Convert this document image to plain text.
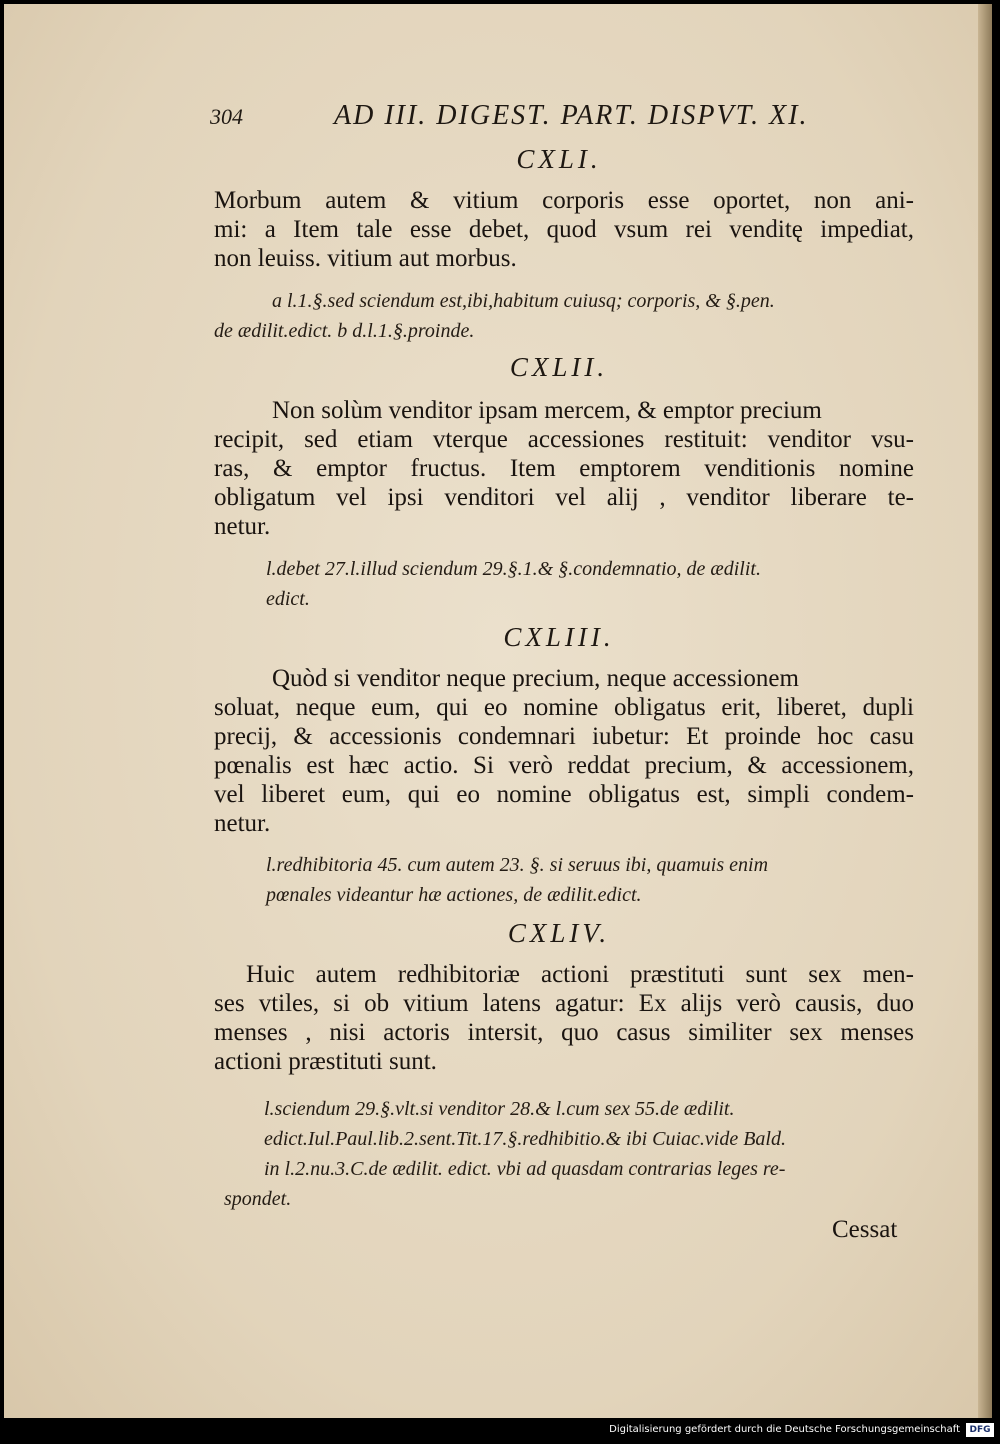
304	AD III. DIGEST. PART. DISPVT. XI.
CXLI.
Morbum autem & vitium corporis esse oportet, non ani-
mi: a Item tale esse debet, quod vsum rei venditę impediat,
non leuiss. vitium aut morbus.
a l.1.§.sed sciendum est,ibi,habitum cuiusq; corporis, & §.pen.
de ædilit.edict. b d.l.1.§.proinde.
CXLII.
Non solùm venditor ipsam mercem, & emptor precium
recipit, sed etiam vterque accessiones restituit: venditor vsu-
ras, & emptor fructus. Item emptorem venditionis nomine
obligatum vel ipsi venditori vel alij , venditor liberare te-
netur.
l.debet 27.l.illud sciendum 29.§.1.& §.condemnatio, de ædilit.
edict.
CXLIII.
Quòd si venditor neque precium, neque accessionem
soluat, neque eum, qui eo nomine obligatus erit, liberet, dupli
precij, & accessionis condemnari iubetur: Et proinde hoc casu
pœnalis est hæc actio. Si verò reddat precium, & accessionem,
vel liberet eum, qui eo nomine obligatus est, simpli condem-
netur.
l.redhibitoria 45. cum autem 23. §. si seruus ibi, quamuis enim
pœnales videantur hæ actiones, de ædilit.edict.
CXLIV.
Huic autem redhibitoriæ actioni præstituti sunt sex men-
ses vtiles, si ob vitium latens agatur: Ex alijs verò causis, duo
menses , nisi actoris intersit, quo casus similiter sex menses
actioni præstituti sunt.
l.sciendum 29.§.vlt.si venditor 28.& l.cum sex 55.de ædilit.
edict.Iul.Paul.lib.2.sent.Tit.17.§.redhibitio.& ibi Cuiac.vide Bald.
in l.2.nu.3.C.de ædilit. edict. vbi ad quasdam contrarias leges re-
spondet.
Cessat
Digitalisierung gefördert durch die Deutsche Forschungsgemeinschaft	DFG
